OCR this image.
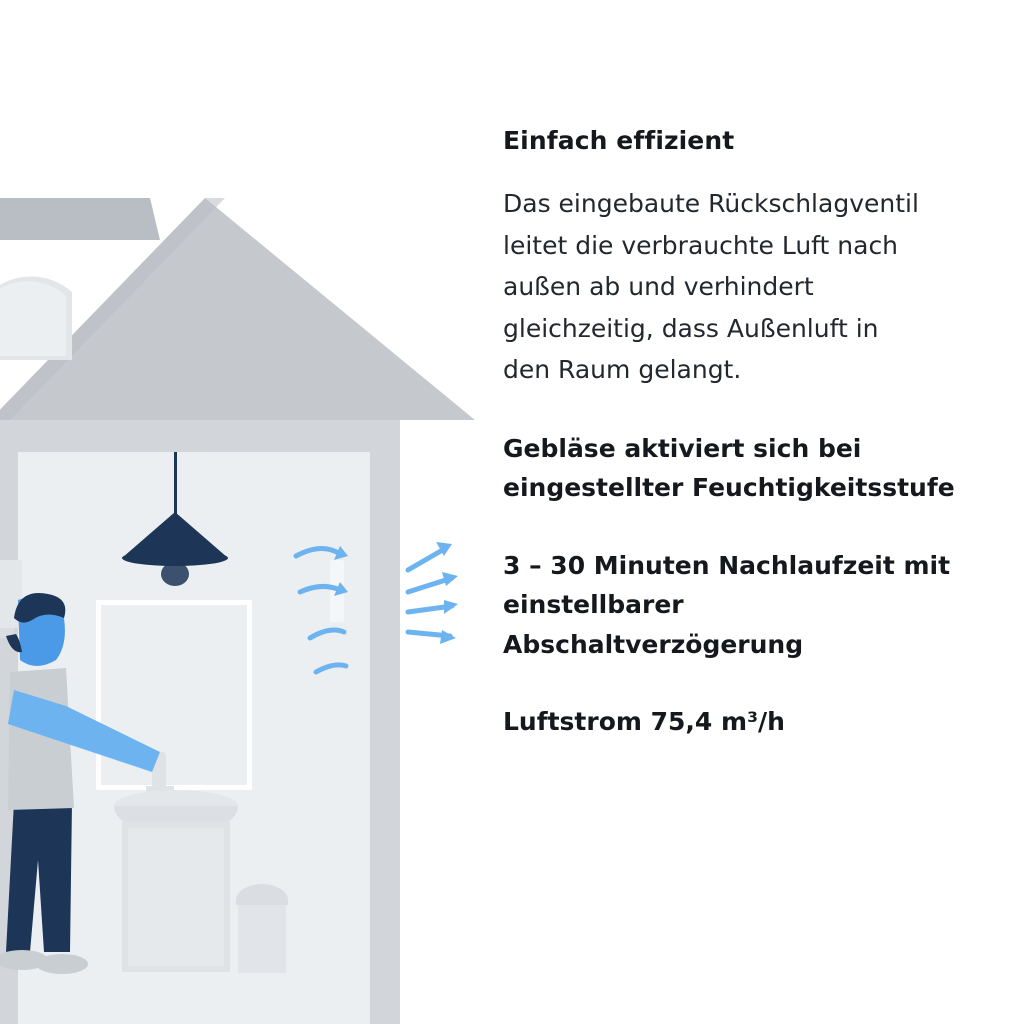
Einfach effizient

Das eingebaute Rückschlagventil leitet die verbrauchte Luft nach außen ab und verhindert gleichzeitig, dass Außenluft in den Raum gelangt.

Gebläse aktiviert sich bei eingestellter Feuchtigkeitsstufe

3 – 30 Minuten Nachlaufzeit mit einstellbarer Abschaltverzögerung

Luftstrom 75,4 m³/h
